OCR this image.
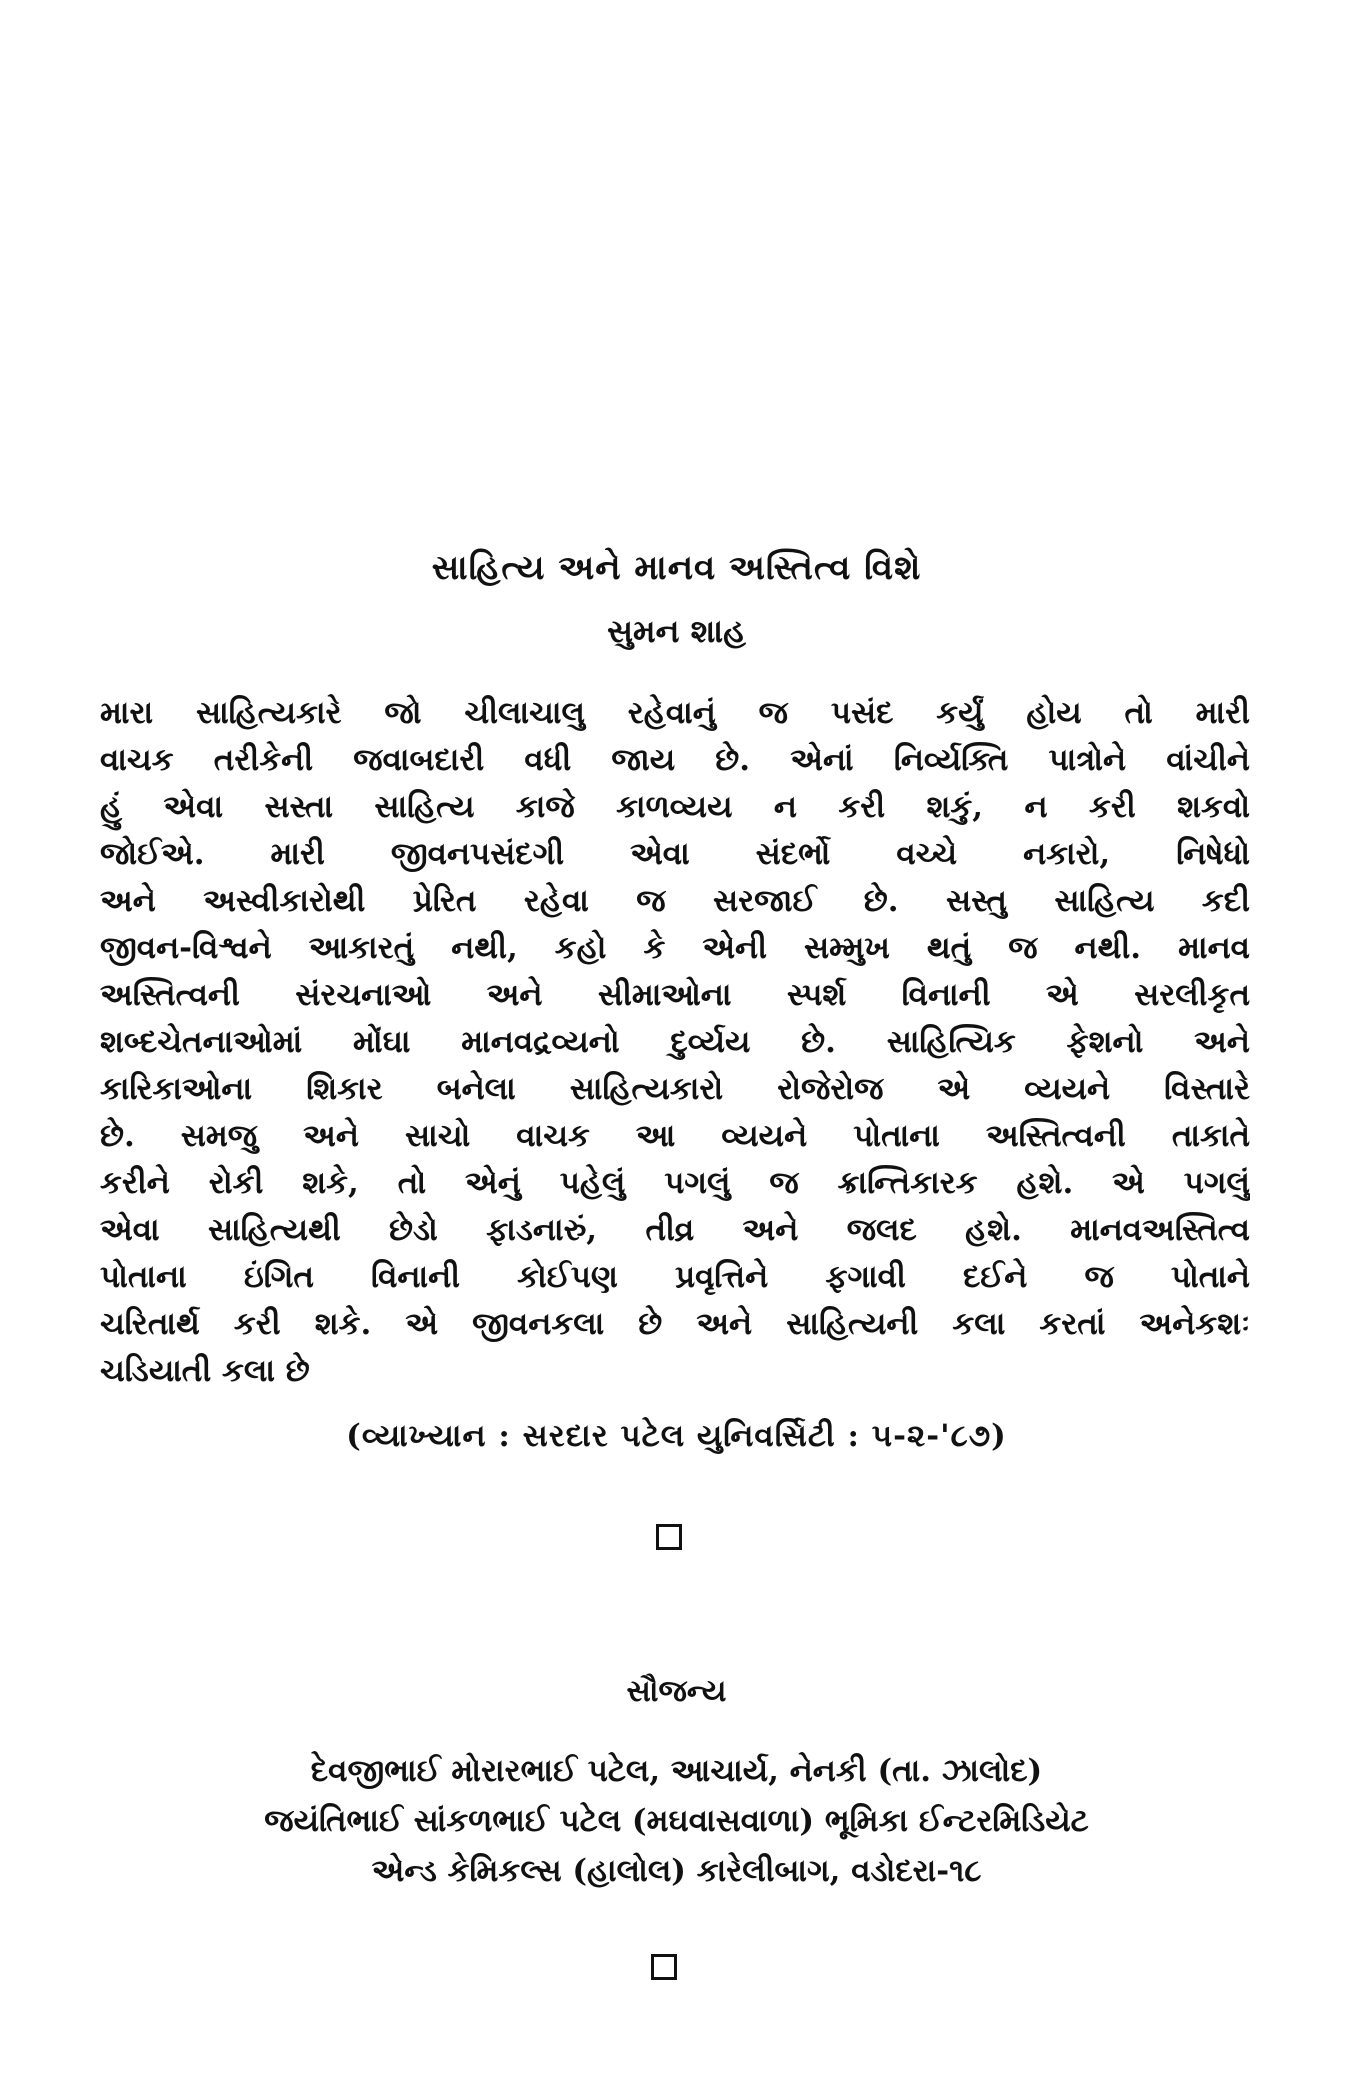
સાહિત્ય અને માનવ અસ્તિત્વ વિશે
સુમન શાહ
મારા સાહિત્યકારે જો ચીલાચાલુ રહેવાનું જ પસંદ કર્યું હોય તો મારી
વાચક તરીકેની જવાબદારી વધી જાય છે. એનાં નિર્વ્યક્તિ પાત્રોને વાંચીને
હું એવા સસ્તા સાહિત્ય કાજે કાળવ્યય ન કરી શકું, ન કરી શકવો
જોઈએ. મારી જીવનપસંદગી એવા સંદર્ભો વચ્ચે નકારો, નિષેધો
અને અસ્વીકારોથી પ્રેરિત રહેવા જ સરજાઈ છે. સસ્તુ સાહિત્ય કદી
જીવન-વિશ્વને આકારતું નથી, કહો કે એની સમ્મુખ થતું જ નથી. માનવ
અસ્તિત્વની સંરચનાઓ અને સીમાઓના સ્પર્શ વિનાની એ સરલીકૃત
શબ્દચેતનાઓમાં મોંઘા માનવદ્રવ્યનો દુર્વ્યય છે. સાહિત્યિક ફેશનો અને
કારિકાઓના શિકાર બનેલા સાહિત્યકારો રોજેરોજ એ વ્યયને વિસ્તારે
છે. સમજુ અને સાચો વાચક આ વ્યયને પોતાના અસ્તિત્વની તાકાતે
કરીને રોકી શકે, તો એનું પહેલું પગલું જ ક્રાન્તિકારક હશે. એ પગલું
એવા સાહિત્યથી છેડો ફાડનારું, તીવ્ર અને જલદ હશે. માનવઅસ્તિત્વ
પોતાના ઇંગિત વિનાની કોઈપણ પ્રવૃત્તિને ફગાવી દઈને જ પોતાને
ચરિતાર્થ કરી શકે. એ જીવનકલા છે અને સાહિત્યની કલા કરતાં અનેકશઃ
ચડિયાતી કલા છે
(વ્યાખ્યાન : સરદાર પટેલ યુનિવર્સિટી : ૫-૨-'૮૭)
સૌજન્ય
દેવજીભાઈ મોરારભાઈ પટેલ, આચાર્ય, નેનકી (તા. ઝાલોદ)
જયંતિભાઈ સાંકળભાઈ પટેલ (મઘવાસવાળા) ભૂમિકા ઈન્ટરમિડિયેટ
એન્ડ કેમિકલ્સ (હાલોલ) કારેલીબાગ, વડોદરા-૧૮
